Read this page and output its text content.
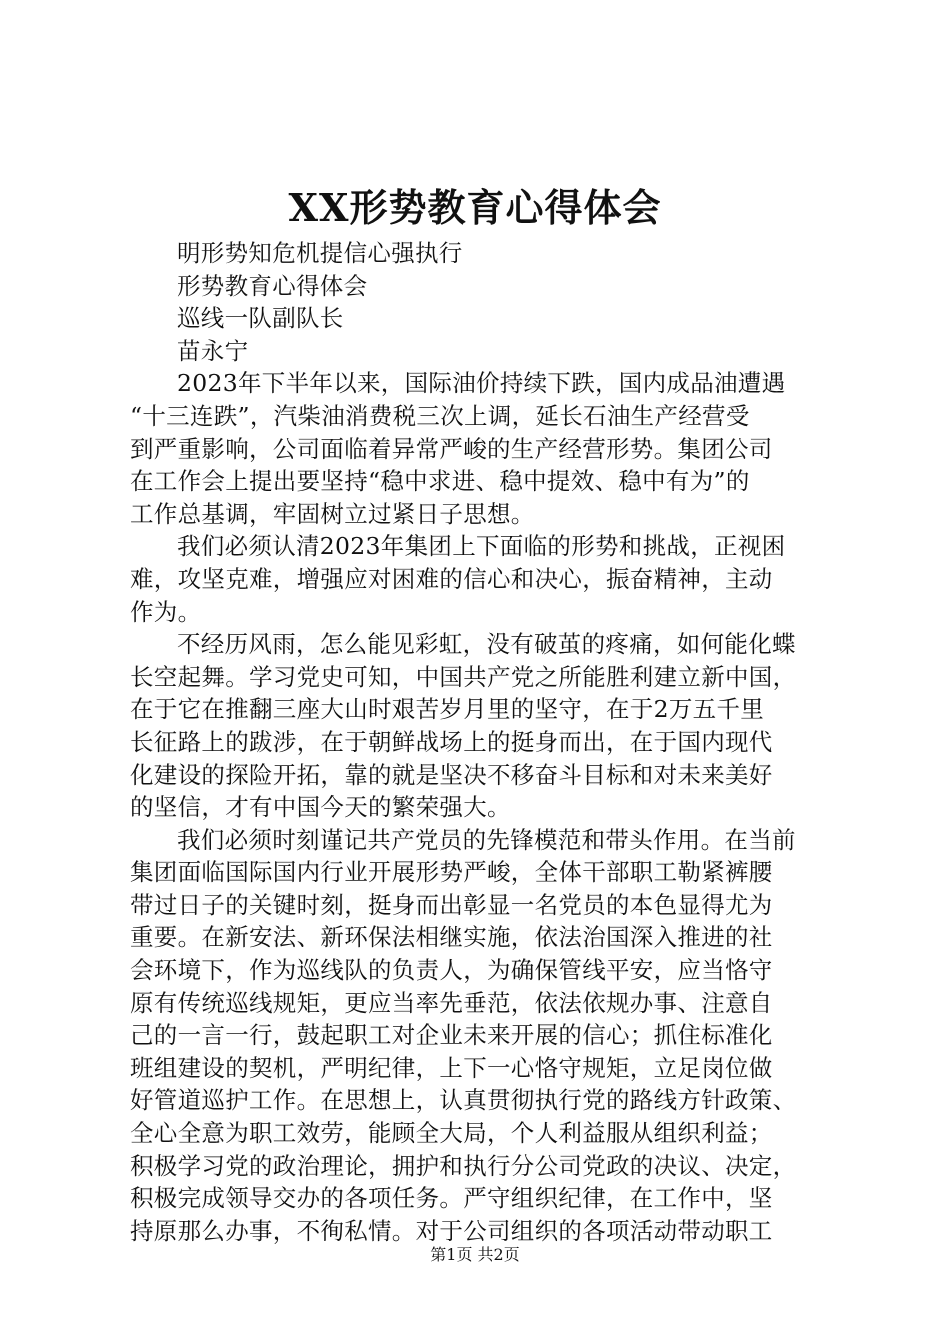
XX形势教育心得体会
明形势知危机提信心强执行
形势教育心得体会
巡线一队副队长
苗永宁
2023年下半年以来，国际油价持续下跌，国内成品油遭遇
“十三连跌”，汽柴油消费税三次上调，延长石油生产经营受
到严重影响，公司面临着异常严峻的生产经营形势。集团公司
在工作会上提出要坚持“稳中求进、稳中提效、稳中有为”的
工作总基调，牢固树立过紧日子思想。
我们必须认清2023年集团上下面临的形势和挑战，正视困
难，攻坚克难，增强应对困难的信心和决心，振奋精神，主动
作为。
不经历风雨，怎么能见彩虹，没有破茧的疼痛，如何能化蝶
长空起舞。学习党史可知，中国共产党之所能胜利建立新中国，
在于它在推翻三座大山时艰苦岁月里的坚守，在于2万五千里
长征路上的跋涉，在于朝鲜战场上的挺身而出，在于国内现代
化建设的探险开拓，靠的就是坚决不移奋斗目标和对未来美好
的坚信，才有中国今天的繁荣强大。
我们必须时刻谨记共产党员的先锋模范和带头作用。在当前
集团面临国际国内行业开展形势严峻，全体干部职工勒紧裤腰
带过日子的关键时刻，挺身而出彰显一名党员的本色显得尤为
重要。在新安法、新环保法相继实施，依法治国深入推进的社
会环境下，作为巡线队的负责人，为确保管线平安，应当恪守
原有传统巡线规矩，更应当率先垂范，依法依规办事、注意自
己的一言一行，鼓起职工对企业未来开展的信心；抓住标准化
班组建设的契机，严明纪律，上下一心恪守规矩，立足岗位做
好管道巡护工作。在思想上，认真贯彻执行党的路线方针政策、
全心全意为职工效劳，能顾全大局，个人利益服从组织利益；
积极学习党的政治理论，拥护和执行分公司党政的决议、决定，
积极完成领导交办的各项任务。严守组织纪律，在工作中，坚
持原那么办事，不徇私情。对于公司组织的各项活动带动职工

第1页 共2页
